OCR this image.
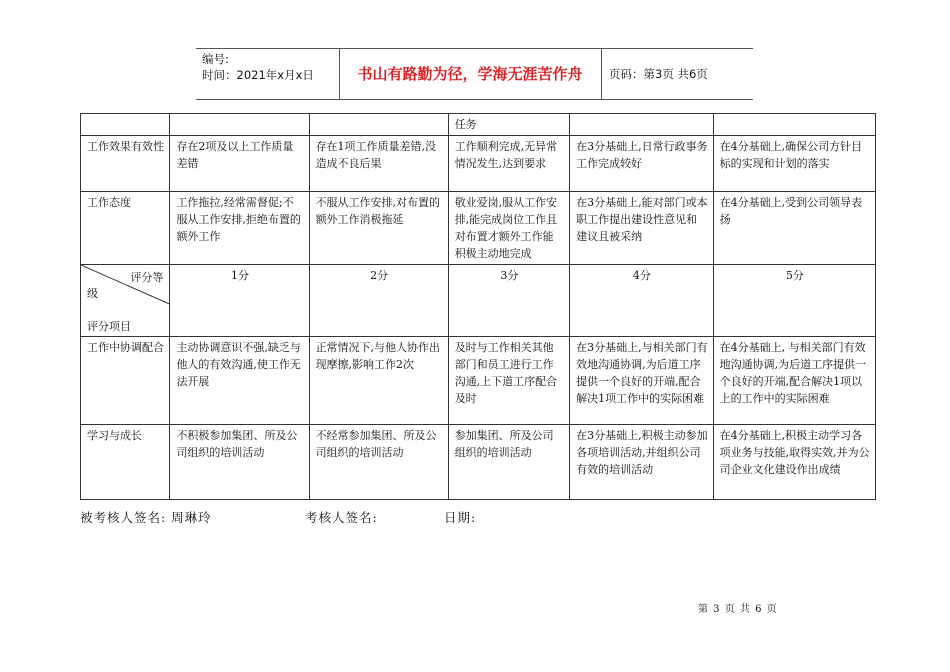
编号:
时间：2021年x月x日	书山有路勤为径，学海无涯苦作舟	页码：第3页 共6页
			任务		
工作效果有效性	存在2项及以上工作质量差错	存在1项工作质量差错,没造成不良后果	工作顺利完成,无异常情况发生,达到要求	在3分基础上,日常行政事务工作完成较好	在4分基础上,确保公司方针目标的实现和计划的落实
工作态度	工作拖拉,经常需督促;不服从工作安排,拒绝布置的额外工作	不服从工作安排,对布置的额外工作消极拖延	敬业爱岗,服从工作安排,能完成岗位工作且对布置才额外工作能积极主动地完成	在3分基础上,能对部门或本职工作提出建设性意见和建议且被采纳	在4分基础上,受到公司领导表扬

评分等
级
评分项目	1分	2分	3分	4分	5分
工作中协调配合	主动协调意识不强,缺乏与他人的有效沟通,使工作无法开展	正常情况下,与他人协作出现摩擦,影响工作2次	及时与工作相关其他部门和员工进行工作沟通,上下道工序配合及时	在3分基础上,与相关部门有效地沟通协调,为后道工序提供一个良好的开端,配合解决1项工作中的实际困难	在4分基础上, 与相关部门有效地沟通协调,为后道工序提供一个良好的开端,配合解决1项以上的工作中的实际困难
学习与成长	不积极参加集团、所及公司组织的培训活动	不经常参加集团、所及公司组织的培训活动	参加集团、所及公司组织的培训活动	在3分基础上,积极主动参加各项培训活动,并组织公司有效的培训活动	在4分基础上,积极主动学习各项业务与技能,取得实效,并为公司企业文化建设作出成绩
被考核人签名: 周琳玲	考核人签名:	日期:
第 3 页 共 6 页
